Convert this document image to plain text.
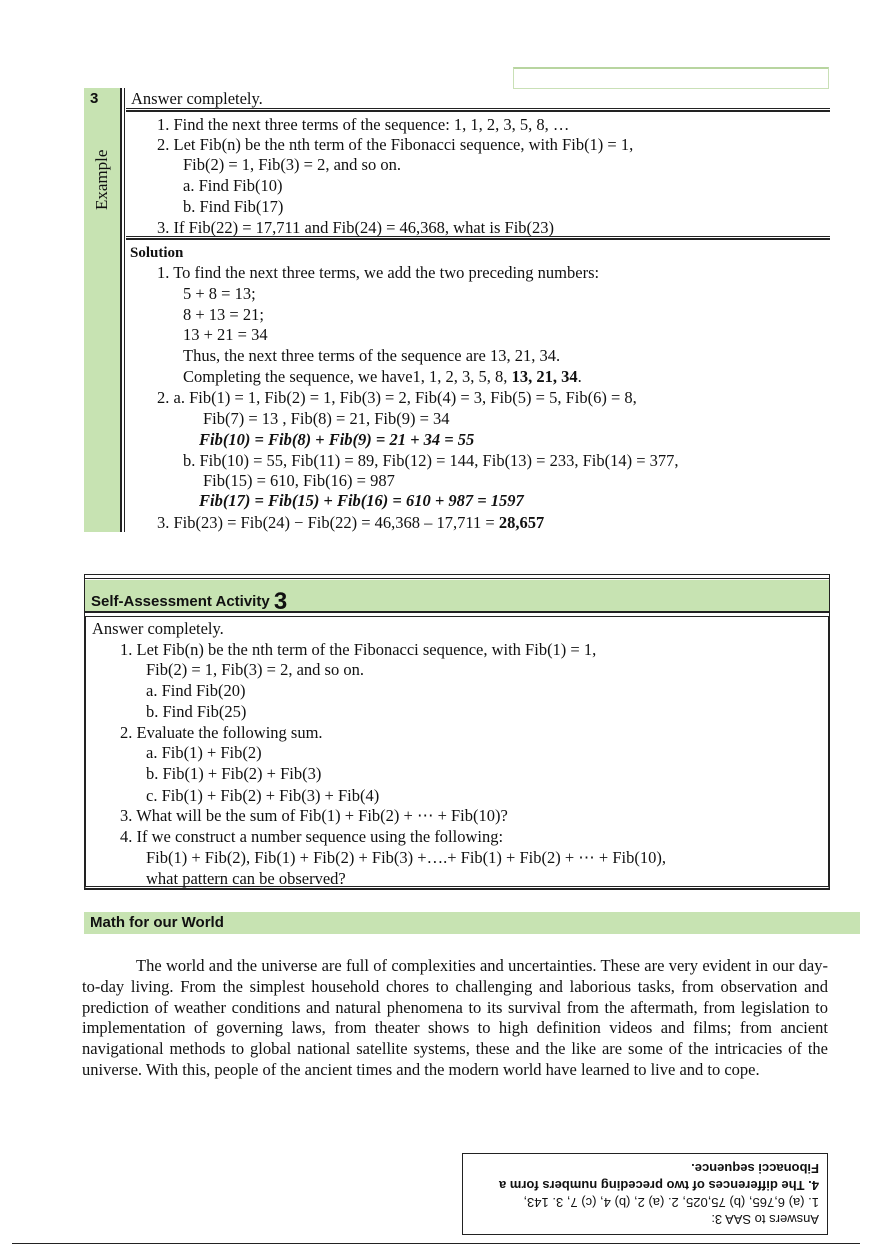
3
Example
Answer completely.
1. Find the next three terms of the sequence: 1, 1, 2, 3, 5, 8, …
2. Let Fib(n) be the nth term of the Fibonacci sequence, with Fib(1) = 1,
Fib(2) = 1, Fib(3) = 2, and so on.
a. Find Fib(10)
b. Find Fib(17)
3. If Fib(22) = 17,711 and Fib(24) = 46,368, what is Fib(23)
Solution
1. To find the next three terms, we add the two preceding numbers:
5 + 8 = 13;
8 + 13 = 21;
13 + 21 = 34
Thus, the next three terms of the sequence are 13, 21, 34.
Completing the sequence, we have1, 1, 2, 3, 5, 8, 13, 21, 34.
2. a. Fib(1) = 1, Fib(2) = 1, Fib(3) = 2, Fib(4) = 3, Fib(5) = 5, Fib(6) = 8,
Fib(7) = 13 , Fib(8) = 21, Fib(9) = 34
Fib(10) = Fib(8) + Fib(9) = 21 + 34 = 55
b. Fib(10) = 55, Fib(11) = 89, Fib(12) = 144, Fib(13) = 233, Fib(14) = 377,
Fib(15) = 610, Fib(16) = 987
Fib(17) = Fib(15) + Fib(16) = 610 + 987 = 1597
3. Fib(23) = Fib(24) − Fib(22) = 46,368 – 17,711 = 28,657
Self-Assessment Activity 3
Answer completely.
1. Let Fib(n) be the nth term of the Fibonacci sequence, with Fib(1) = 1,
Fib(2) = 1, Fib(3) = 2, and so on.
a. Find Fib(20)
b. Find Fib(25)
2. Evaluate the following sum.
a. Fib(1) + Fib(2)
b. Fib(1) + Fib(2) + Fib(3)
c. Fib(1) + Fib(2) + Fib(3) + Fib(4)
3. What will be the sum of Fib(1) + Fib(2) + ⋯ + Fib(10)?
4. If we construct a number sequence using the following:
Fib(1) + Fib(2), Fib(1) + Fib(2) + Fib(3) +….+ Fib(1) + Fib(2) + ⋯ + Fib(10),
what pattern can be observed?
Math for our World
The world and the universe are full of complexities and uncertainties. These are very evident in our day-to-day living. From the simplest household chores to challenging and laborious tasks, from observation and prediction of weather conditions and natural phenomena to its survival from the aftermath, from legislation to implementation of governing laws, from theater shows to high definition videos and films; from ancient navigational methods to global national satellite systems, these and the like are some of the intricacies of the universe. With this, people of the ancient times and the modern world have learned to live and to cope.
Answers to SAA 3:
1. (a) 6,765, (b) 75,025, 2. (a) 2, (b) 4, (c) 7, 3. 143,
4. The differences of two preceding numbers form a
Fibonacci sequence.
